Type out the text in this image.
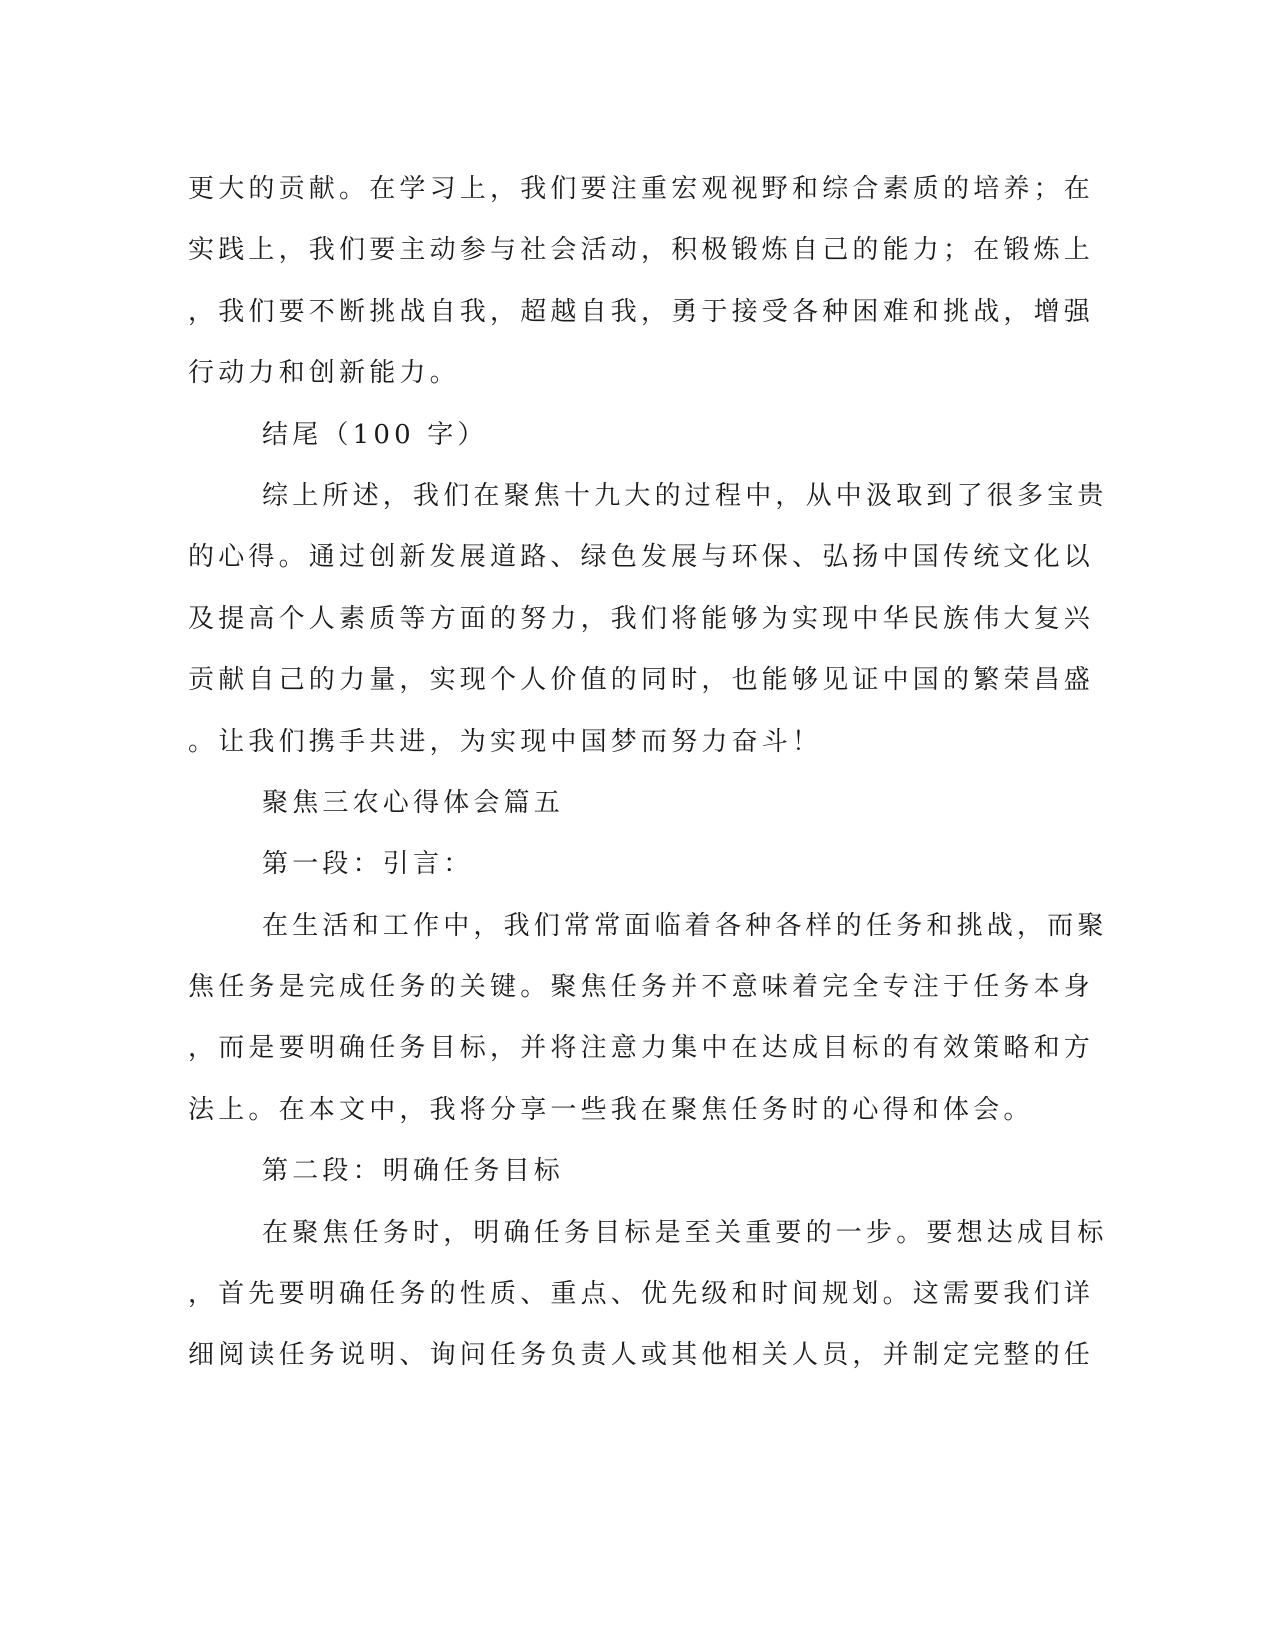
更大的贡献。在学习上，我们要注重宏观视野和综合素质的培养；在

实践上，我们要主动参与社会活动，积极锻炼自己的能力；在锻炼上

，我们要不断挑战自我，超越自我，勇于接受各种困难和挑战，增强

行动力和创新能力。

结尾（100 字）

综上所述，我们在聚焦十九大的过程中，从中汲取到了很多宝贵

的心得。通过创新发展道路、绿色发展与环保、弘扬中国传统文化以

及提高个人素质等方面的努力，我们将能够为实现中华民族伟大复兴

贡献自己的力量，实现个人价值的同时，也能够见证中国的繁荣昌盛

。让我们携手共进，为实现中国梦而努力奋斗！

聚焦三农心得体会篇五

第一段：引言：

在生活和工作中，我们常常面临着各种各样的任务和挑战，而聚

焦任务是完成任务的关键。聚焦任务并不意味着完全专注于任务本身

，而是要明确任务目标，并将注意力集中在达成目标的有效策略和方

法上。在本文中，我将分享一些我在聚焦任务时的心得和体会。

第二段：明确任务目标

在聚焦任务时，明确任务目标是至关重要的一步。要想达成目标

，首先要明确任务的性质、重点、优先级和时间规划。这需要我们详

细阅读任务说明、询问任务负责人或其他相关人员，并制定完整的任
